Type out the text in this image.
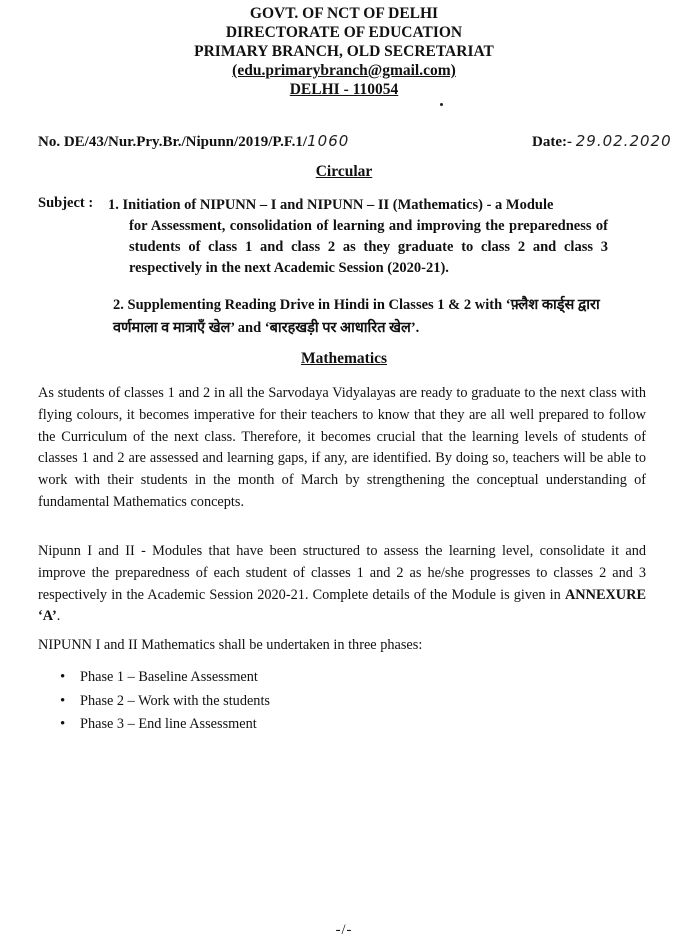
GOVT. OF NCT OF DELHI
DIRECTORATE OF EDUCATION
PRIMARY BRANCH, OLD SECRETARIAT
(edu.primarybranch@gmail.com)
DELHI - 110054
No. DE/43/Nur.Pry.Br./Nipunn/2019/P.F.1/1060	Date:- 29.02.2020
Circular
Subject : 1. Initiation of NIPUNN – I and NIPUNN – II (Mathematics) - a Module
for Assessment, consolidation of learning and improving the preparedness of students of class 1 and class 2 as they graduate to class 2 and class 3 respectively in the next Academic Session (2020-21).
2. Supplementing Reading Drive in Hindi in Classes 1 & 2 with ‘फ़्लैश कार्ड्स द्वारा वर्णमाला व मात्राएँ खेल’ and ‘बारहखड़ी पर आधारित खेल’.
Mathematics
As students of classes 1 and 2 in all the Sarvodaya Vidyalayas are ready to graduate to the next class with flying colours, it becomes imperative for their teachers to know that they are all well prepared to follow the Curriculum of the next class. Therefore, it becomes crucial that the learning levels of students of classes 1 and 2 are assessed and learning gaps, if any, are identified. By doing so, teachers will be able to work with their students in the month of March by strengthening the conceptual understanding of fundamental Mathematics concepts.
Nipunn I and II - Modules that have been structured to assess the learning level, consolidate it and improve the preparedness of each student of classes 1 and 2 as he/she progresses to classes 2 and 3 respectively in the Academic Session 2020-21. Complete details of the Module is given in ANNEXURE ‘A’.
NIPUNN I and II Mathematics shall be undertaken in three phases:
• Phase 1 – Baseline Assessment
• Phase 2 – Work with the students
• Phase 3 – End line Assessment
-/-
